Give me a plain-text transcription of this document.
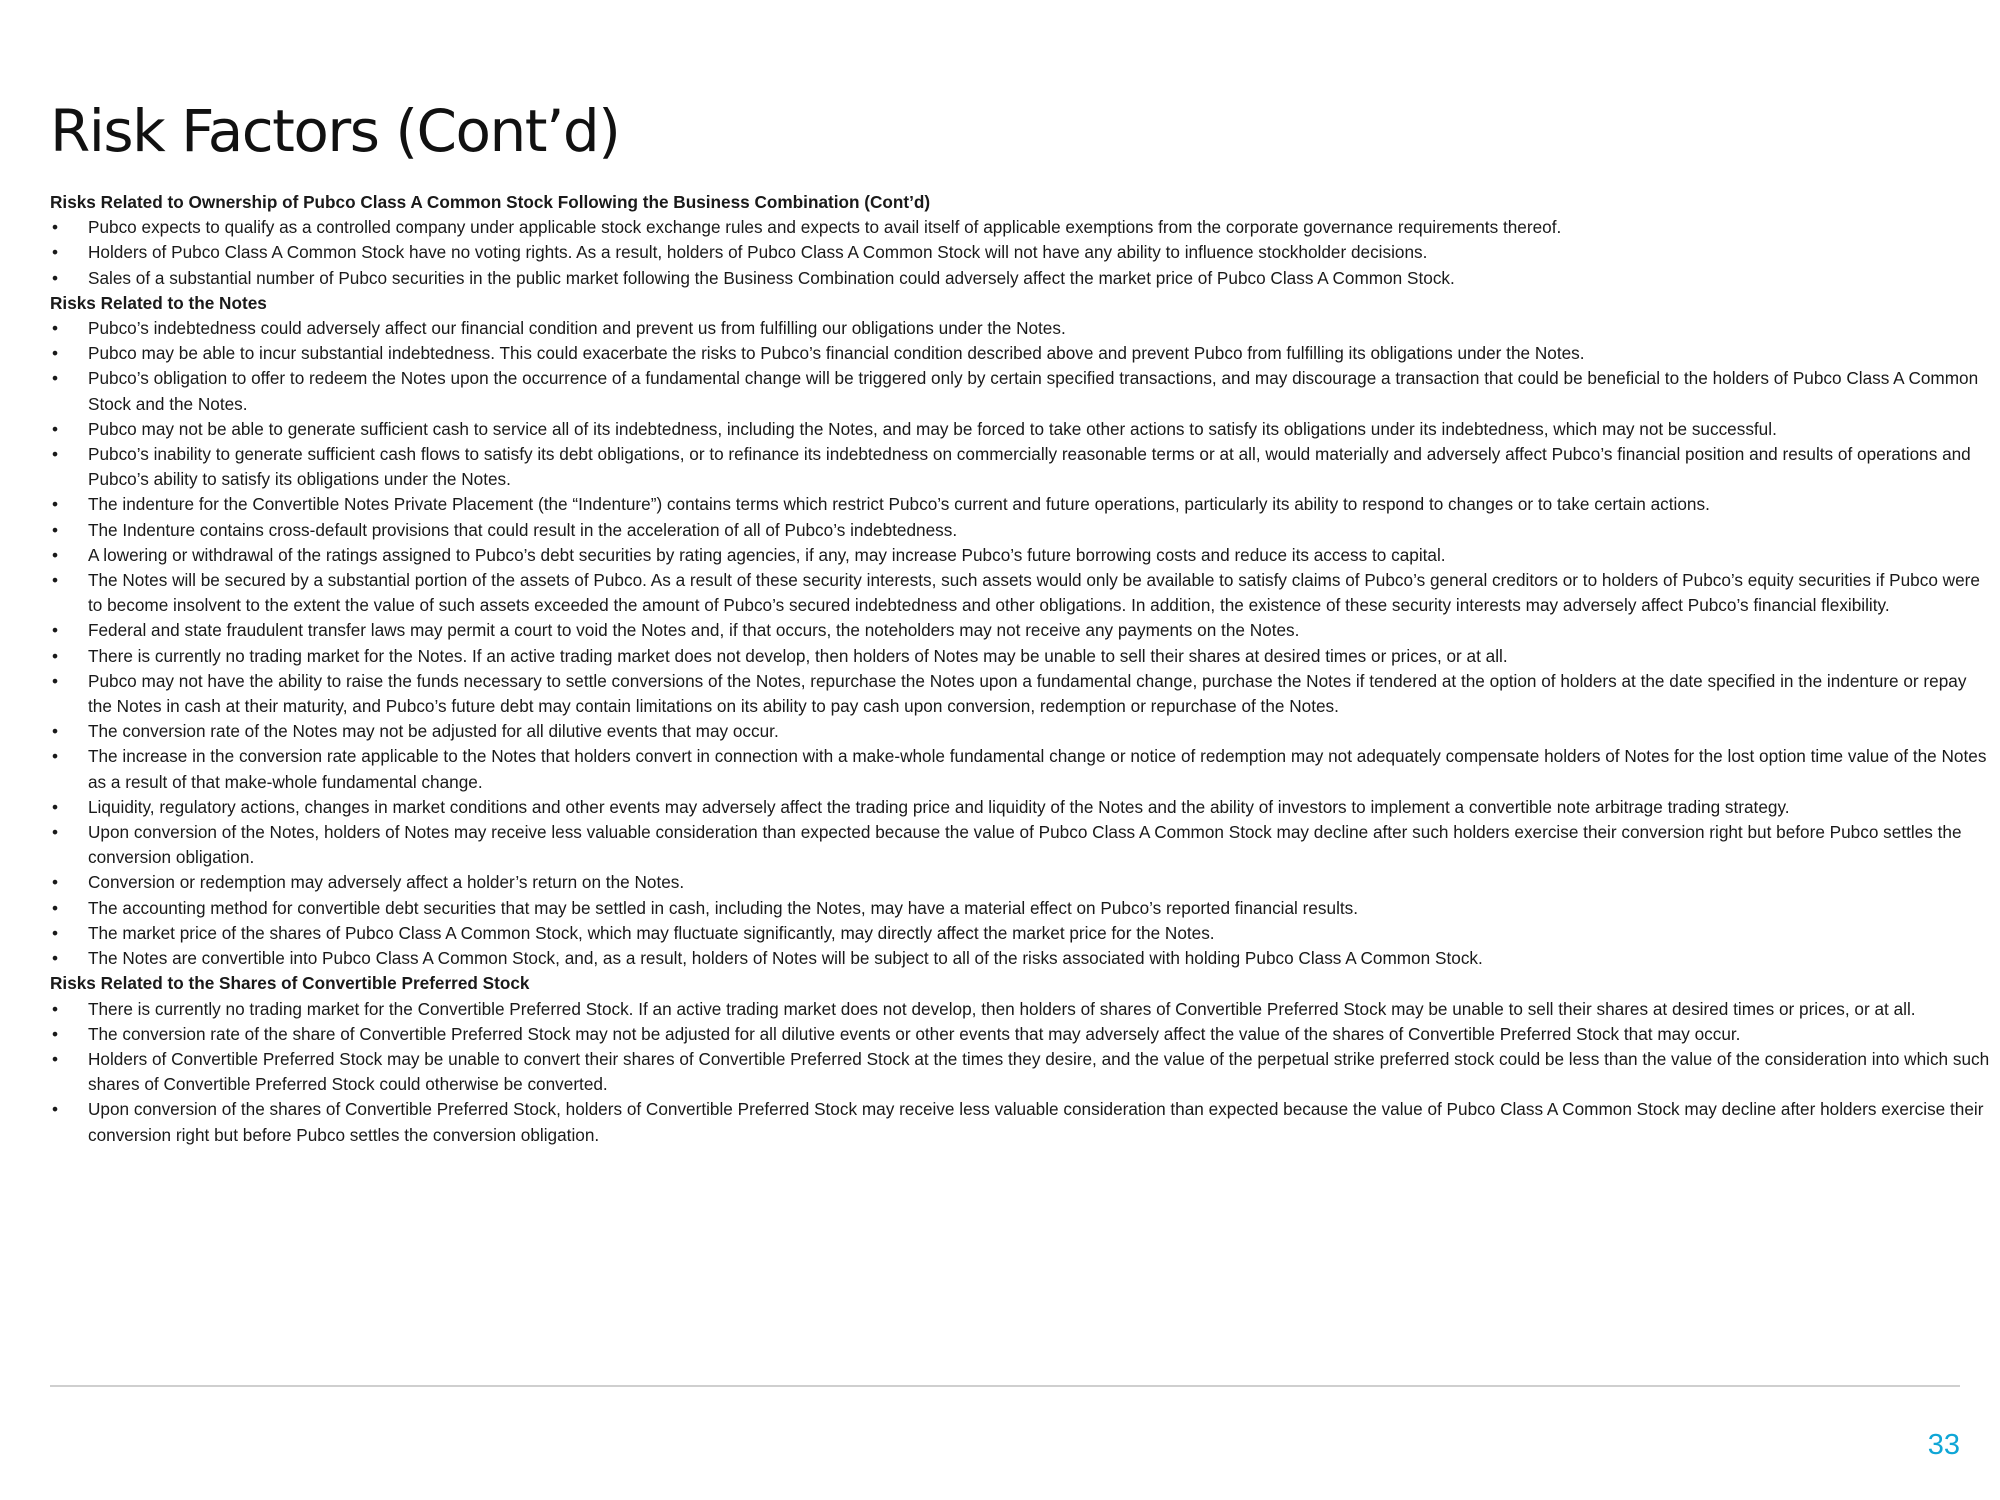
Risk Factors (Cont’d)

Risks Related to Ownership of Pubco Class A Common Stock Following the Business Combination (Cont’d)

• Pubco expects to qualify as a controlled company under applicable stock exchange rules and expects to avail itself of applicable exemptions from the corporate governance requirements thereof.
• Holders of Pubco Class A Common Stock have no voting rights. As a result, holders of Pubco Class A Common Stock will not have any ability to influence stockholder decisions.
• Sales of a substantial number of Pubco securities in the public market following the Business Combination could adversely affect the market price of Pubco Class A Common Stock.

Risks Related to the Notes

• Pubco’s indebtedness could adversely affect our financial condition and prevent us from fulfilling our obligations under the Notes.
• Pubco may be able to incur substantial indebtedness. This could exacerbate the risks to Pubco’s financial condition described above and prevent Pubco from fulfilling its obligations under the Notes.
• Pubco’s obligation to offer to redeem the Notes upon the occurrence of a fundamental change will be triggered only by certain specified transactions, and may discourage a transaction that could be beneficial to the holders of Pubco Class A Common Stock and the Notes.
• Pubco may not be able to generate sufficient cash to service all of its indebtedness, including the Notes, and may be forced to take other actions to satisfy its obligations under its indebtedness, which may not be successful.
• Pubco’s inability to generate sufficient cash flows to satisfy its debt obligations, or to refinance its indebtedness on commercially reasonable terms or at all, would materially and adversely affect Pubco’s financial position and results of operations and Pubco’s ability to satisfy its obligations under the Notes.
• The indenture for the Convertible Notes Private Placement (the “Indenture”) contains terms which restrict Pubco’s current and future operations, particularly its ability to respond to changes or to take certain actions.
• The Indenture contains cross-default provisions that could result in the acceleration of all of Pubco’s indebtedness.
• A lowering or withdrawal of the ratings assigned to Pubco’s debt securities by rating agencies, if any, may increase Pubco’s future borrowing costs and reduce its access to capital.
• The Notes will be secured by a substantial portion of the assets of Pubco. As a result of these security interests, such assets would only be available to satisfy claims of Pubco’s general creditors or to holders of Pubco’s equity securities if Pubco were to become insolvent to the extent the value of such assets exceeded the amount of Pubco’s secured indebtedness and other obligations. In addition, the existence of these security interests may adversely affect Pubco’s financial flexibility.
• Federal and state fraudulent transfer laws may permit a court to void the Notes and, if that occurs, the noteholders may not receive any payments on the Notes.
• There is currently no trading market for the Notes. If an active trading market does not develop, then holders of Notes may be unable to sell their shares at desired times or prices, or at all.
• Pubco may not have the ability to raise the funds necessary to settle conversions of the Notes, repurchase the Notes upon a fundamental change, purchase the Notes if tendered at the option of holders at the date specified in the indenture or repay the Notes in cash at their maturity, and Pubco’s future debt may contain limitations on its ability to pay cash upon conversion, redemption or repurchase of the Notes.
• The conversion rate of the Notes may not be adjusted for all dilutive events that may occur.
• The increase in the conversion rate applicable to the Notes that holders convert in connection with a make-whole fundamental change or notice of redemption may not adequately compensate holders of Notes for the lost option time value of the Notes as a result of that make-whole fundamental change.
• Liquidity, regulatory actions, changes in market conditions and other events may adversely affect the trading price and liquidity of the Notes and the ability of investors to implement a convertible note arbitrage trading strategy.
• Upon conversion of the Notes, holders of Notes may receive less valuable consideration than expected because the value of Pubco Class A Common Stock may decline after such holders exercise their conversion right but before Pubco settles the conversion obligation.
• Conversion or redemption may adversely affect a holder’s return on the Notes.
• The accounting method for convertible debt securities that may be settled in cash, including the Notes, may have a material effect on Pubco’s reported financial results.
• The market price of the shares of Pubco Class A Common Stock, which may fluctuate significantly, may directly affect the market price for the Notes.
• The Notes are convertible into Pubco Class A Common Stock, and, as a result, holders of Notes will be subject to all of the risks associated with holding Pubco Class A Common Stock.

Risks Related to the Shares of Convertible Preferred Stock

• There is currently no trading market for the Convertible Preferred Stock. If an active trading market does not develop, then holders of shares of Convertible Preferred Stock may be unable to sell their shares at desired times or prices, or at all.
• The conversion rate of the share of Convertible Preferred Stock may not be adjusted for all dilutive events or other events that may adversely affect the value of the shares of Convertible Preferred Stock that may occur.
• Holders of Convertible Preferred Stock may be unable to convert their shares of Convertible Preferred Stock at the times they desire, and the value of the perpetual strike preferred stock could be less than the value of the consideration into which such shares of Convertible Preferred Stock could otherwise be converted.
• Upon conversion of the shares of Convertible Preferred Stock, holders of Convertible Preferred Stock may receive less valuable consideration than expected because the value of Pubco Class A Common Stock may decline after holders exercise their conversion right but before Pubco settles the conversion obligation.
33
